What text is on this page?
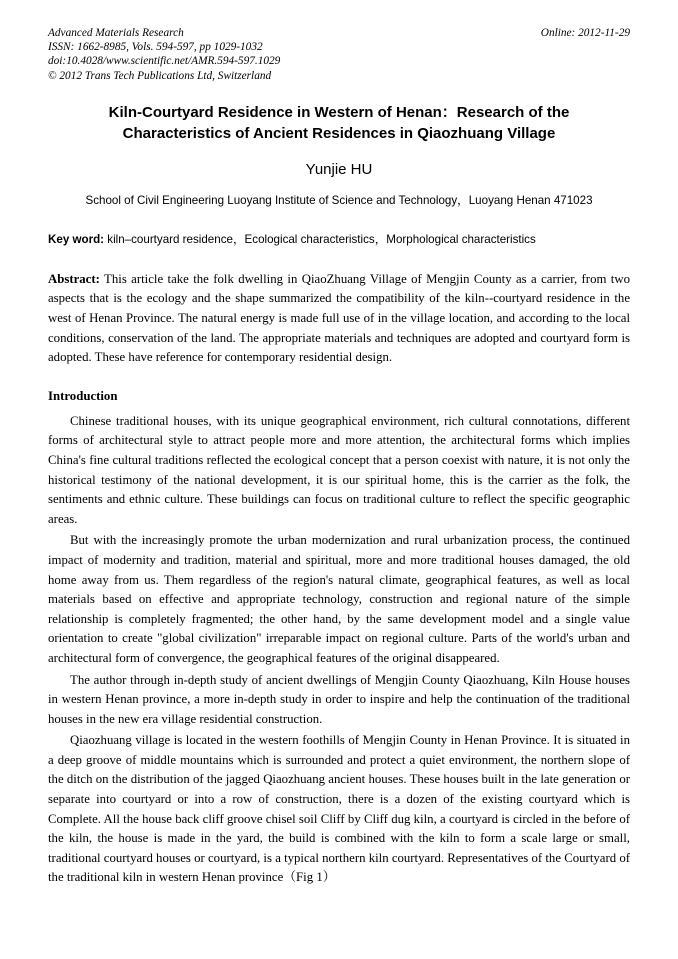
Online: 2012-11-29
Advanced Materials Research
ISSN: 1662-8985, Vols. 594-597, pp 1029-1032
doi:10.4028/www.scientific.net/AMR.594-597.1029
© 2012 Trans Tech Publications Ltd, Switzerland
Kiln-Courtyard Residence in Western of Henan：Research of the Characteristics of Ancient Residences in Qiaozhuang Village
Yunjie HU
School of Civil Engineering Luoyang Institute of Science and Technology，Luoyang Henan 471023
Key word: kiln–courtyard residence，Ecological characteristics，Morphological characteristics
Abstract: This article take the folk dwelling in QiaoZhuang Village of Mengjin County as a carrier, from two aspects that is the ecology and the shape summarized the compatibility of the kiln--courtyard residence in the west of Henan Province. The natural energy is made full use of in the village location, and according to the local conditions, conservation of the land. The appropriate materials and techniques are adopted and courtyard form is adopted. These have reference for contemporary residential design.
Introduction

Chinese traditional houses, with its unique geographical environment, rich cultural connotations, different forms of architectural style to attract people more and more attention, the architectural forms which implies China's fine cultural traditions reflected the ecological concept that a person coexist with nature, it is not only the historical testimony of the national development, it is our spiritual home, this is the carrier as the folk, the sentiments and ethnic culture. These buildings can focus on traditional culture to reflect the specific geographic areas.

But with the increasingly promote the urban modernization and rural urbanization process, the continued impact of modernity and tradition, material and spiritual, more and more traditional houses damaged, the old home away from us. Them regardless of the region's natural climate, geographical features, as well as local materials based on effective and appropriate technology, construction and regional nature of the simple relationship is completely fragmented; the other hand, by the same development model and a single value orientation to create "global civilization" irreparable impact on regional culture. Parts of the world's urban and architectural form of convergence, the geographical features of the original disappeared.

The author through in-depth study of ancient dwellings of Mengjin County Qiaozhuang, Kiln House houses in western Henan province, a more in-depth study in order to inspire and help the continuation of the traditional houses in the new era village residential construction.

Qiaozhuang village is located in the western foothills of Mengjin County in Henan Province. It is situated in a deep groove of middle mountains which is surrounded and protect a quiet environment, the northern slope of the ditch on the distribution of the jagged Qiaozhuang ancient houses. These houses built in the late generation or separate into courtyard or into a row of construction, there is a dozen of the existing courtyard which is Complete. All the house back cliff groove chisel soil Cliff by Cliff dug kiln, a courtyard is circled in the before of the kiln, the house is made in the yard, the build is combined with the kiln to form a scale large or small, traditional courtyard houses or courtyard, is a typical northern kiln courtyard. Representatives of the Courtyard of the traditional kiln in western Henan province（Fig 1）
